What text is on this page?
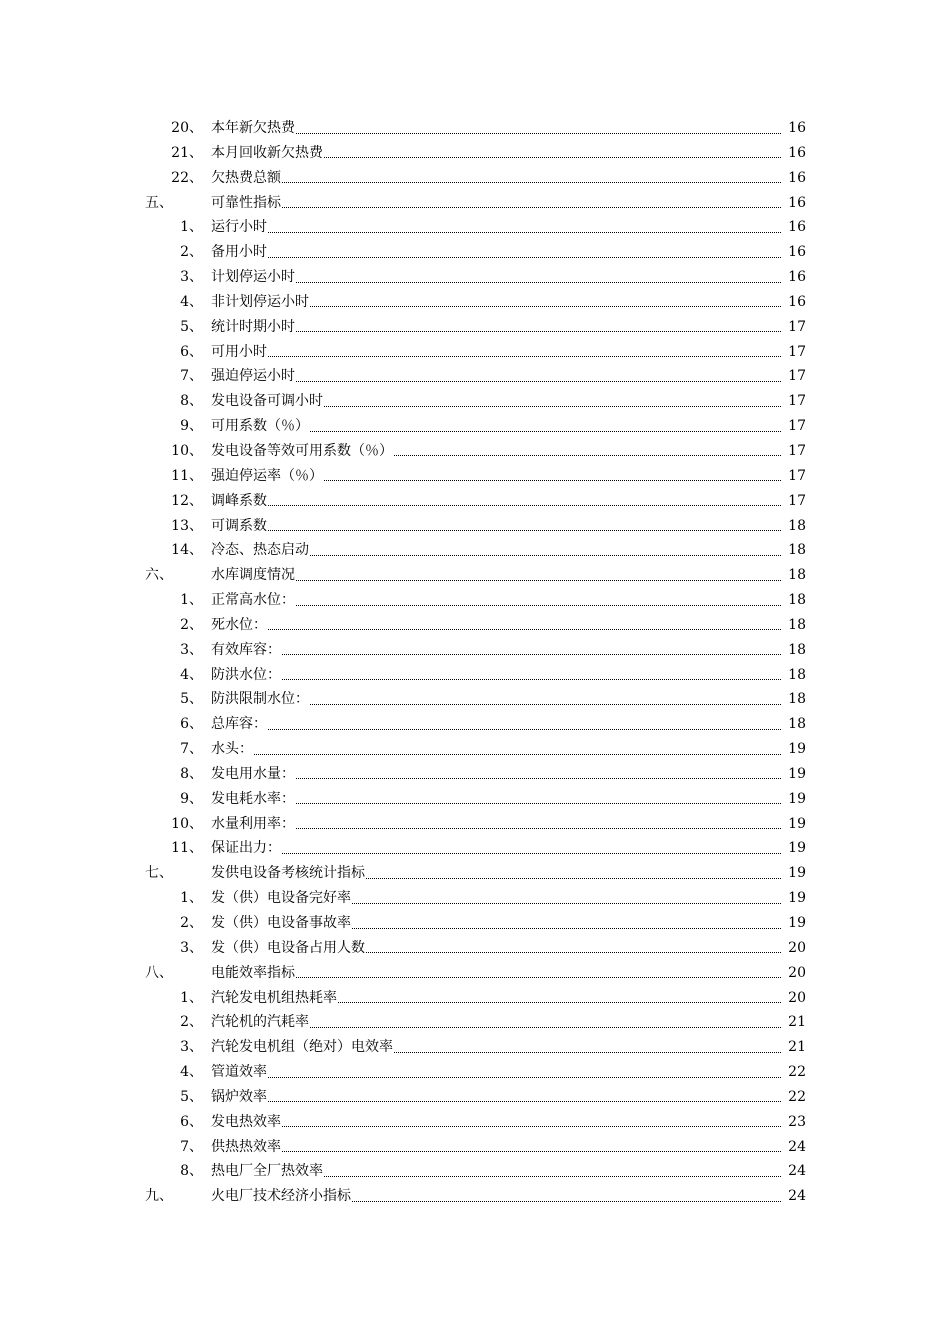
20、 本年新欠热费	16
21、 本月回收新欠热费	16
22、 欠热费总额	16
五、	可靠性指标	16
1、 运行小时	16
2、 备用小时	16
3、 计划停运小时	16
4、 非计划停运小时	16
5、 统计时期小时	17
6、 可用小时	17
7、 强迫停运小时	17
8、 发电设备可调小时	17
9、 可用系数（％）	17
10、 发电设备等效可用系数（％）	17
11、 强迫停运率（％）	17
12、 调峰系数	17
13、 可调系数	18
14、 冷态、热态启动	18
六、	水库调度情况	18
1、 正常高水位：	18
2、 死水位：	18
3、 有效库容：	18
4、 防洪水位：	18
5、 防洪限制水位：	18
6、 总库容：	18
7、 水头：	19
8、 发电用水量：	19
9、 发电耗水率：	19
10、 水量利用率：	19
11、 保证出力：	19
七、	发供电设备考核统计指标	19
1、 发（供）电设备完好率	19
2、 发（供）电设备事故率	19
3、 发（供）电设备占用人数	20
八、	电能效率指标	20
1、 汽轮发电机组热耗率	20
2、 汽轮机的汽耗率	21
3、 汽轮发电机组（绝对）电效率	21
4、 管道效率	22
5、 锅炉效率	22
6、 发电热效率	23
7、 供热热效率	24
8、 热电厂全厂热效率	24
九、	火电厂技术经济小指标	24
